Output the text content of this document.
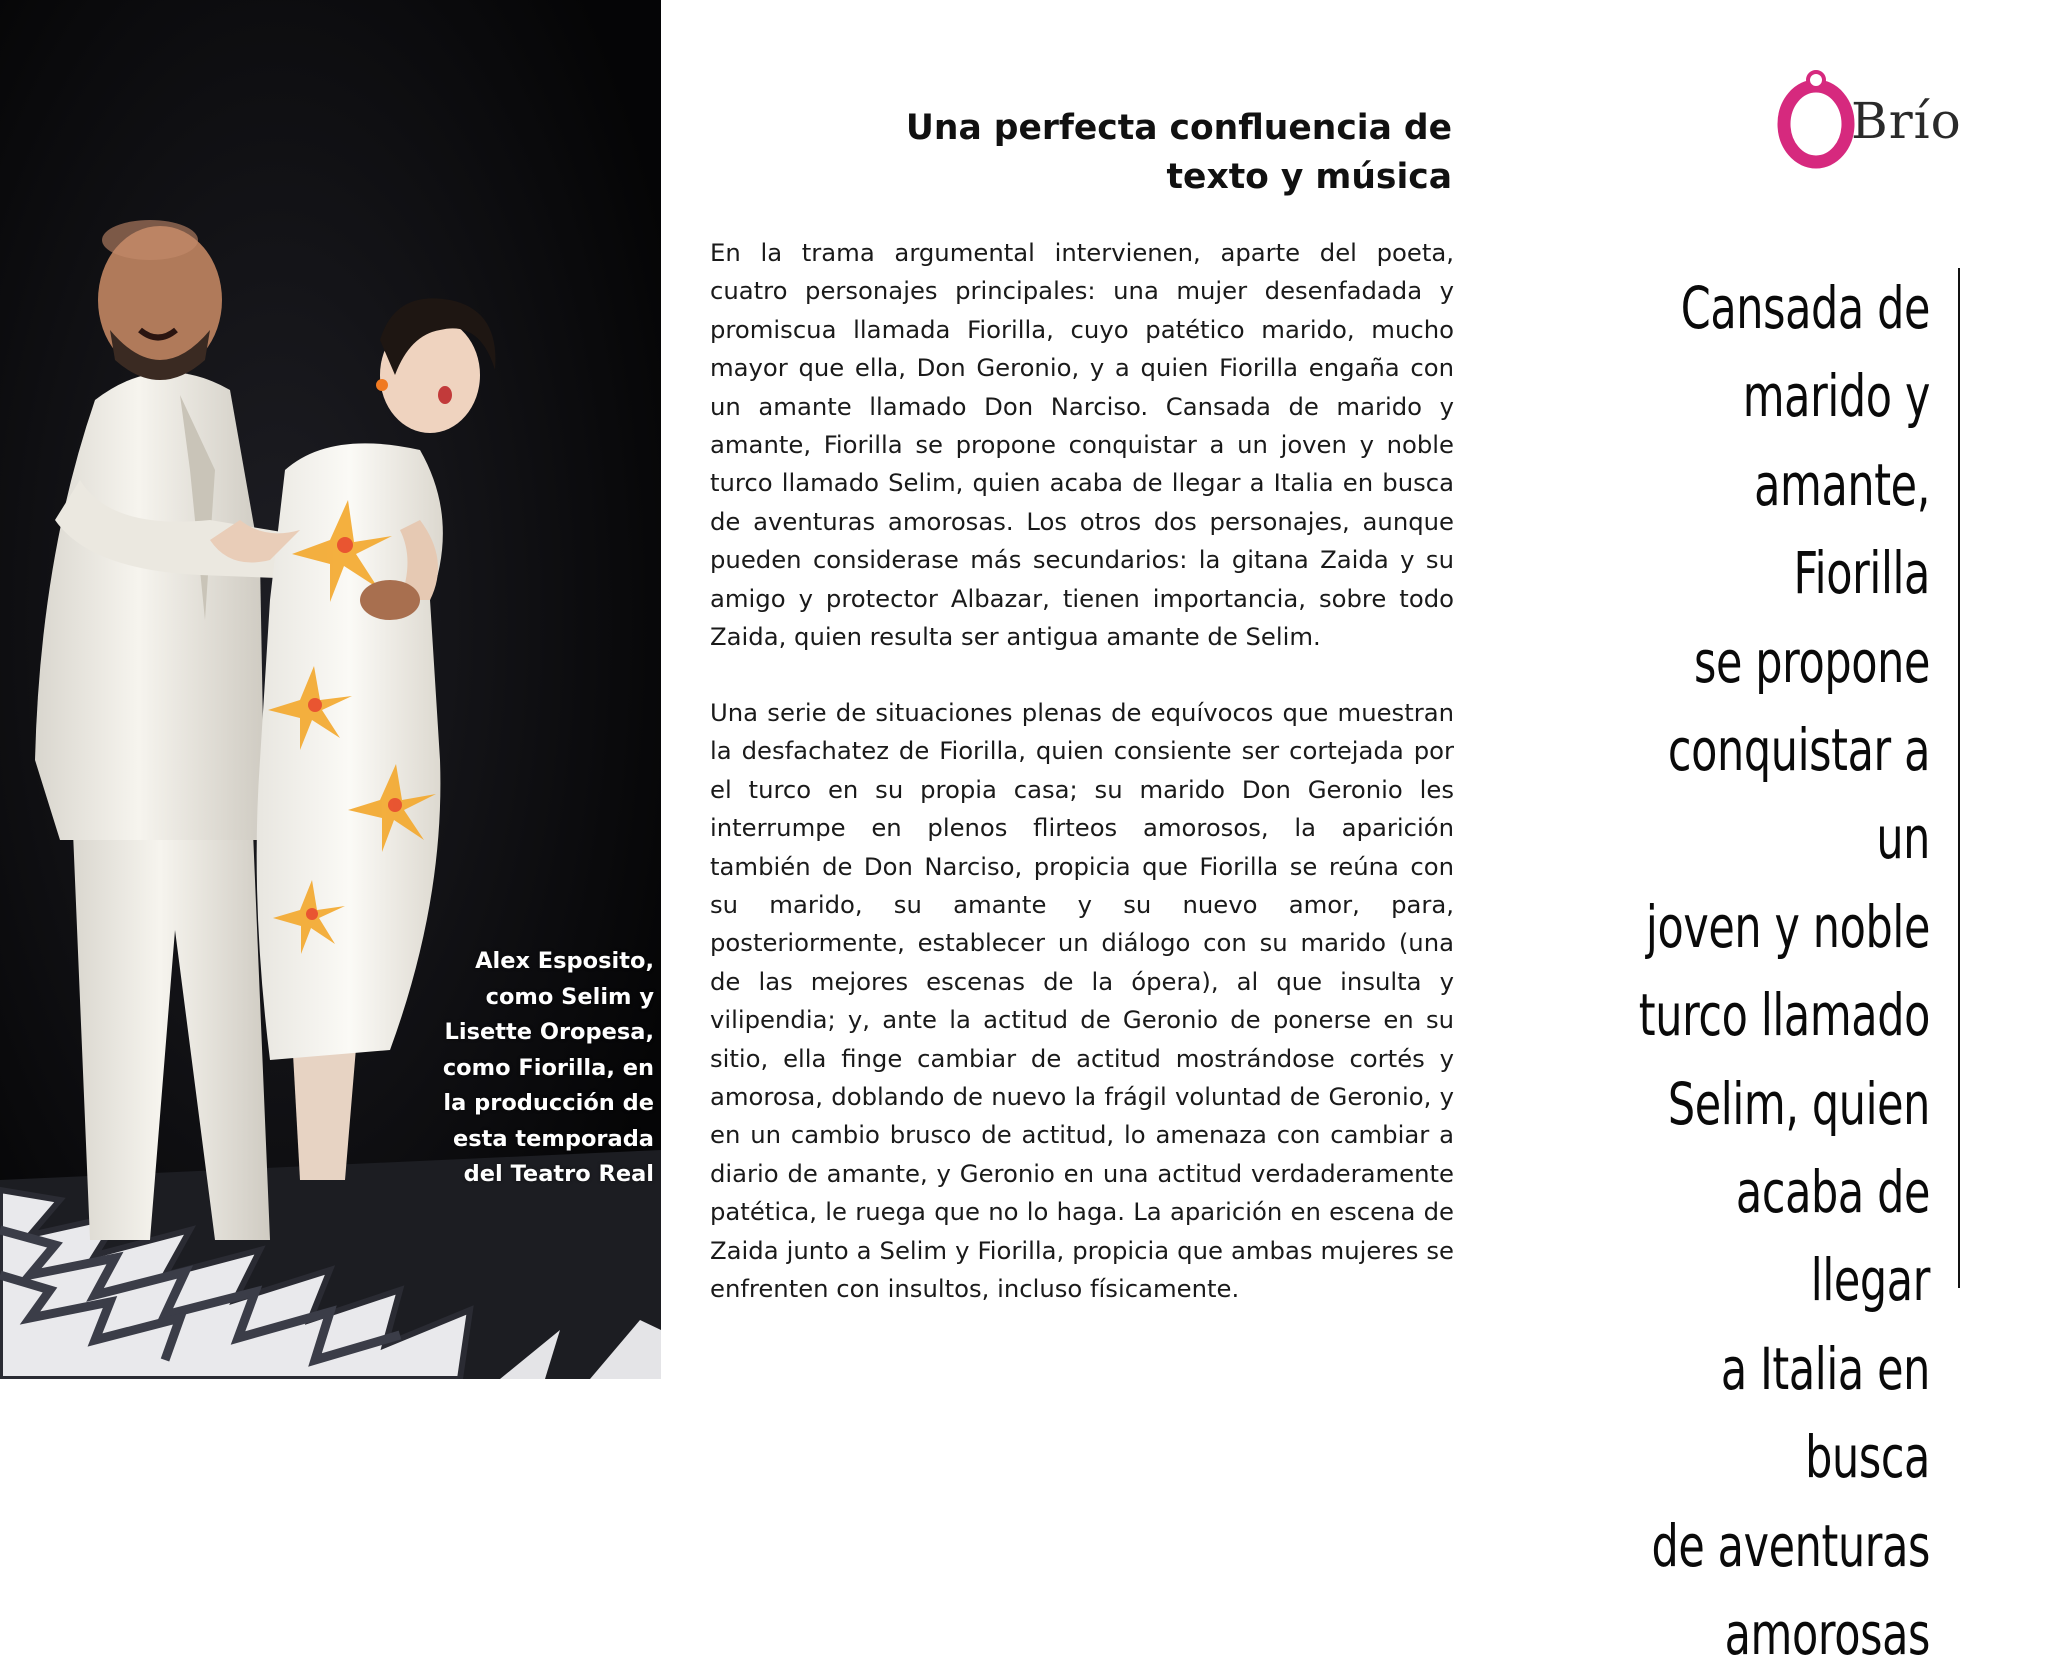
Alex Esposito,
como Selim y
Lisette Oropesa,
como Fiorilla, en
la producción de
esta temporada
del Teatro Real
Una perfecta confluencia de
texto y música

En la trama argumental intervienen, aparte del poeta, cuatro personajes principales: una mujer desenfadada y promiscua llamada Fiorilla, cuyo patético marido, mucho mayor que ella, Don Geronio, y a quien Fiorilla engaña con un amante llamado Don Narciso. Cansada de marido y amante, Fiorilla se propone conquistar a un joven y noble turco llamado Selim, quien acaba de llegar a Italia en busca de aventuras amorosas. Los otros dos personajes, aunque pueden considerase más secundarios: la gitana Zaida y su amigo y protector Albazar, tienen importancia, sobre todo Zaida, quien resulta ser antigua amante de Selim.

Una serie de situaciones plenas de equívocos que muestran la desfachatez de Fiorilla, quien consiente ser cortejada por el turco en su propia casa; su marido Don Geronio les interrumpe en plenos flirteos amorosos, la aparición también de Don Narciso, propicia que Fiorilla se reúna con su marido, su amante y su nuevo amor, para, posteriormente, establecer un diálogo con su marido (una de las mejores escenas de la ópera), al que insulta y vilipendia; y, ante la actitud de Geronio de ponerse en su sitio, ella finge cambiar de actitud mostrándose cortés y amorosa, doblando de nuevo la frágil voluntad de Geronio, y en un cambio brusco de actitud, lo amenaza con cambiar a diario de amante, y Geronio en una actitud verdaderamente patética, le ruega que no lo haga. La aparición en escena de Zaida junto a Selim y Fiorilla, propicia que ambas mujeres se enfrenten con insultos, incluso físicamente.

Brío
Cansada de
marido y
amante, Fiorilla
se propone
conquistar a un
joven y noble
turco llamado
Selim, quien
acaba de llegar
a Italia en busca
de aventuras
amorosas
